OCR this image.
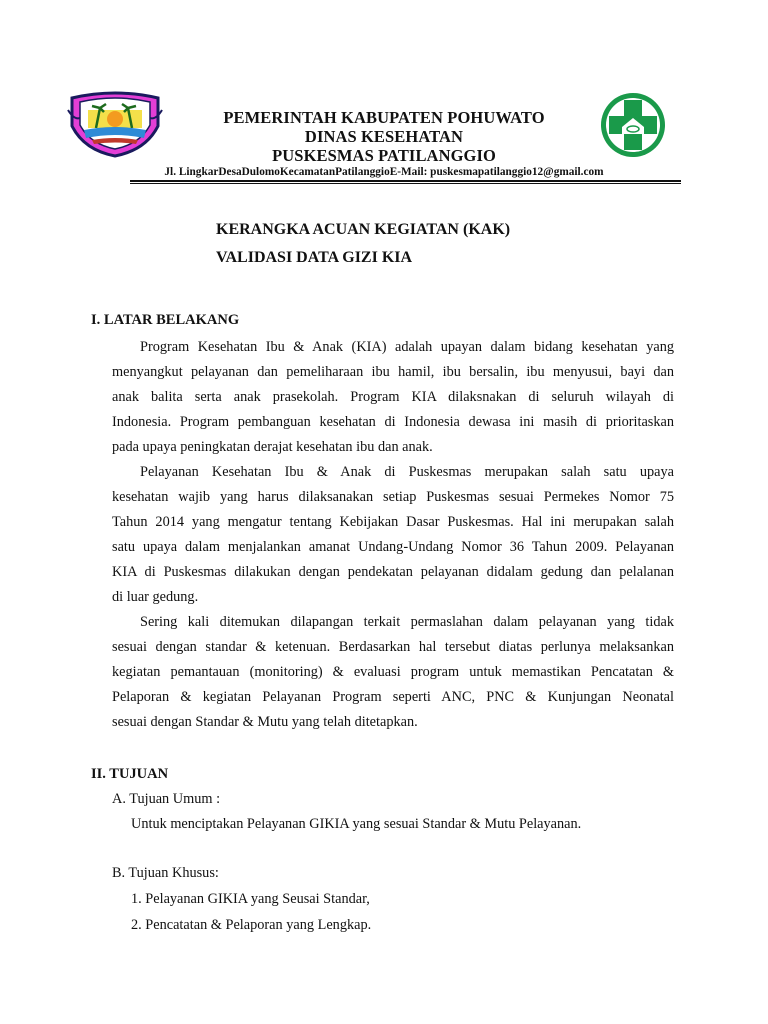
PEMERINTAH KABUPATEN POHUWATO
DINAS KESEHATAN
PUSKESMAS PATILANGGIO
Jl. LingkarDesaDulomoKecamatanPatilanggioE-Mail: puskesmapatilanggio12@gmail.com
KERANGKA ACUAN KEGIATAN (KAK)
VALIDASI DATA GIZI KIA
I. LATAR BELAKANG
Program Kesehatan Ibu & Anak (KIA) adalah upayan dalam bidang kesehatan yang
menyangkut pelayanan dan pemeliharaan ibu hamil, ibu bersalin, ibu menyusui, bayi dan
anak balita serta anak prasekolah. Program KIA dilaksnakan di seluruh wilayah di
Indonesia. Program pembanguan kesehatan di Indonesia dewasa ini masih di prioritaskan
pada upaya peningkatan derajat kesehatan ibu dan anak.
Pelayanan Kesehatan Ibu & Anak di Puskesmas merupakan salah satu upaya
kesehatan wajib yang harus dilaksanakan setiap Puskesmas sesuai Permekes Nomor 75
Tahun 2014 yang mengatur tentang Kebijakan Dasar Puskesmas. Hal ini merupakan salah
satu upaya dalam menjalankan amanat Undang-Undang Nomor 36 Tahun 2009. Pelayanan
KIA di Puskesmas dilakukan dengan pendekatan pelayanan didalam gedung dan pelalanan
di luar gedung.
Sering kali ditemukan dilapangan terkait permaslahan dalam pelayanan yang tidak
sesuai dengan standar & ketenuan. Berdasarkan hal tersebut diatas perlunya melaksankan
kegiatan pemantauan (monitoring) & evaluasi program untuk memastikan Pencatatan &
Pelaporan & kegiatan Pelayanan Program seperti ANC, PNC & Kunjungan Neonatal
sesuai dengan Standar & Mutu yang telah ditetapkan.
II. TUJUAN
A. Tujuan Umum :
Untuk menciptakan Pelayanan GIKIA yang sesuai Standar & Mutu Pelayanan.
B. Tujuan Khusus:
1. Pelayanan GIKIA yang Seusai Standar,
2. Pencatatan & Pelaporan yang Lengkap.
